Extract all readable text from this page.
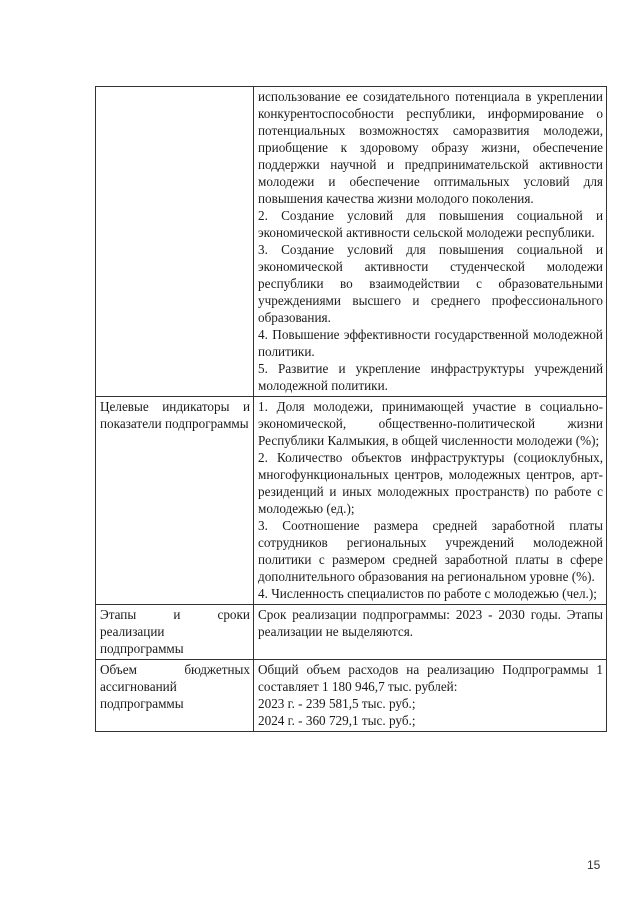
	использование ее созидательного потенциала в укреплении конкурентоспособности республики, информирование о потенциальных возможностях саморазвития молодежи, приобщение к здоровому образу жизни, обеспечение поддержки научной и предпринимательской активности молодежи и обеспечение оптимальных условий для повышения качества жизни молодого поколения.
2. Создание условий для повышения социальной и экономической активности сельской молодежи республики.
3. Создание условий для повышения социальной и экономической активности студенческой молодежи республики во взаимодействии с образовательными учреждениями высшего и среднего профессионального образования.
4. Повышение эффективности государственной молодежной политики.
5. Развитие и укрепление инфраструктуры учреждений молодежной политики.

Целевые индикаторы и показатели подпрограммы	1. Доля молодежи, принимающей участие в социально-экономической, общественно-политической жизни Республики Калмыкия, в общей численности молодежи (%);
2. Количество объектов инфраструктуры (социоклубных, многофункциональных центров, молодежных центров, арт-резиденций и иных молодежных пространств) по работе с молодежью (ед.);
3. Соотношение размера средней заработной платы сотрудников региональных учреждений молодежной политики с размером средней заработной платы в сфере дополнительного образования на региональном уровне (%).
4. Численность специалистов по работе с молодежью (чел.);

Этапы и сроки реализации подпрограммы	Срок реализации подпрограммы: 2023 - 2030 годы. Этапы реализации не выделяются.

Объем бюджетных ассигнований подпрограммы	Общий объем расходов на реализацию Подпрограммы 1 составляет 1 180 946,7 тыс. рублей:
2023 г. - 239 581,5 тыс. руб.;
2024 г. - 360 729,1 тыс. руб.;
15
